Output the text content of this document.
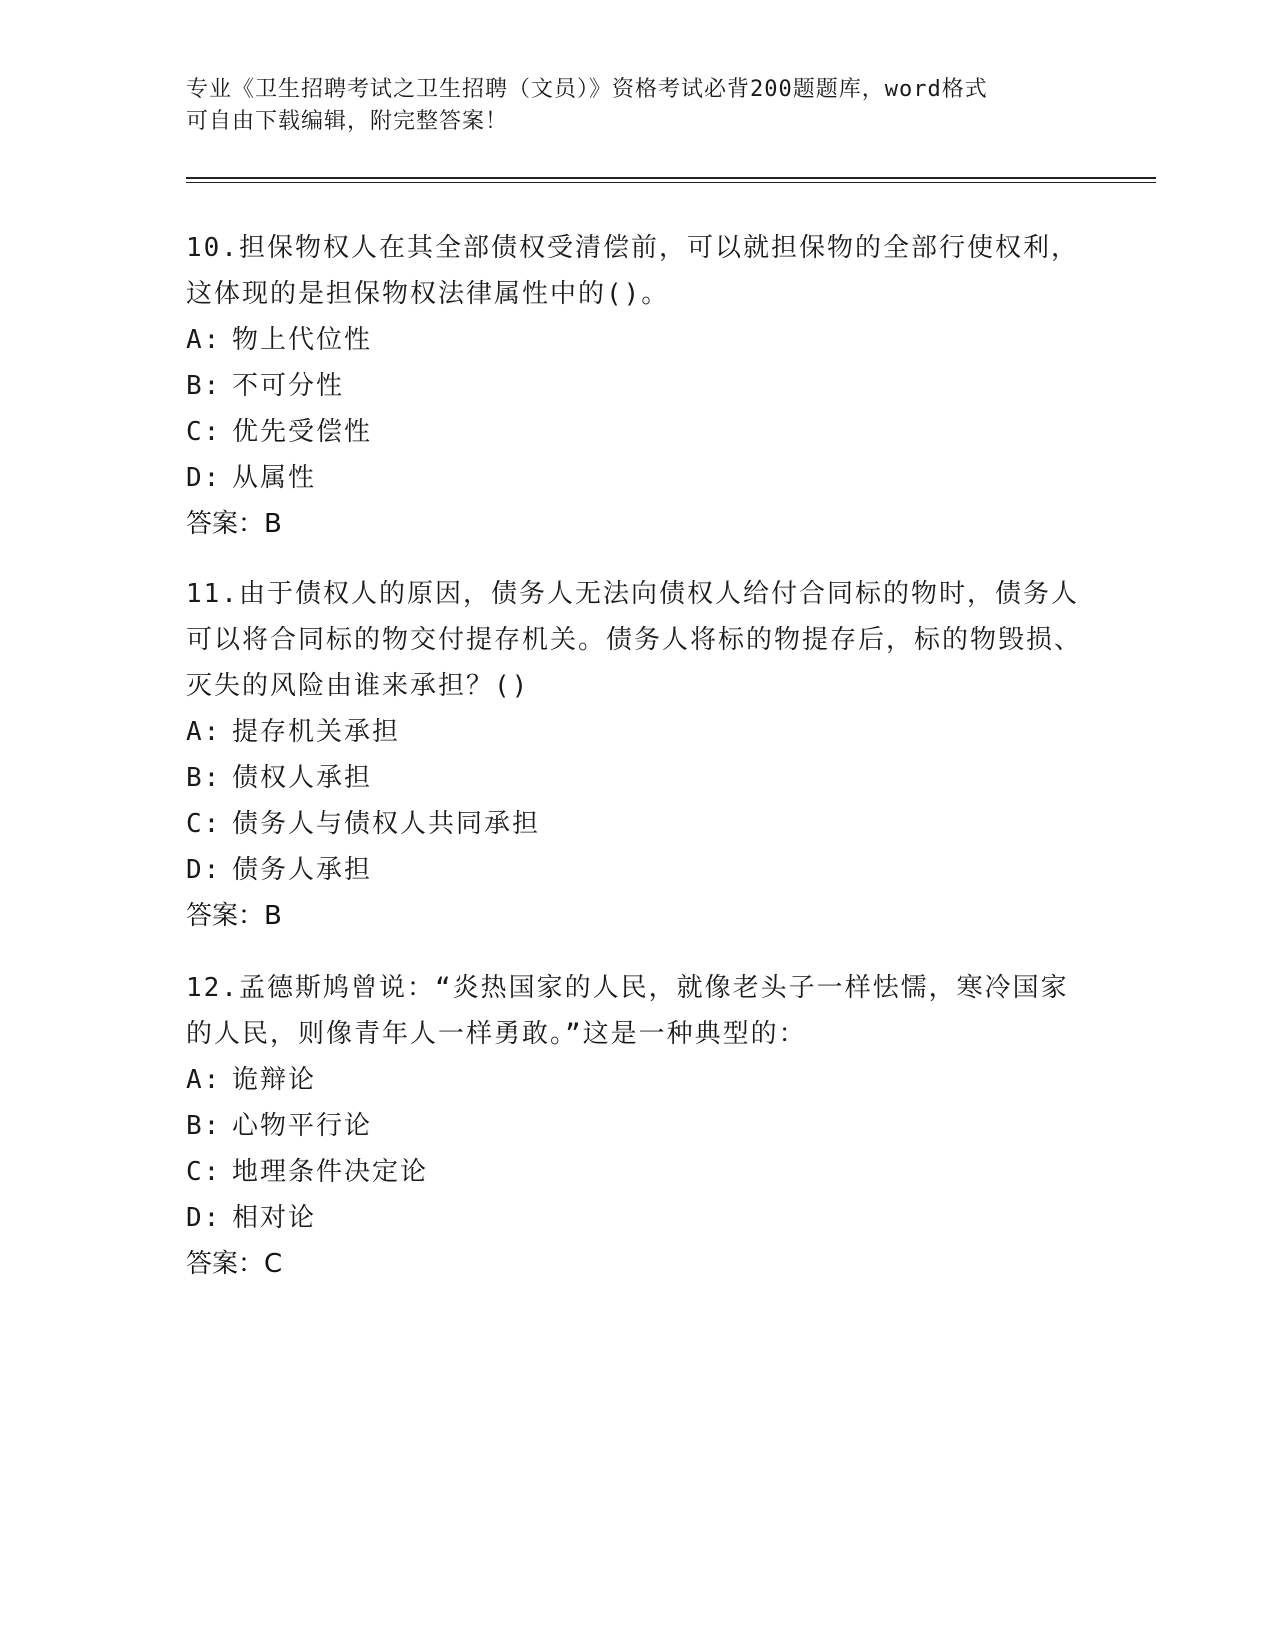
专业《卫生招聘考试之卫生招聘（文员）》资格考试必背200题题库，word格式
可自由下载编辑，附完整答案！

10.担保物权人在其全部债权受清偿前，可以就担保物的全部行使权利，这体现的是担保物权法律属性中的()。

A: 物上代位性

B: 不可分性

C: 优先受偿性

D: 从属性

答案：B

11.由于债权人的原因，债务人无法向债权人给付合同标的物时，债务人可以将合同标的物交付提存机关。债务人将标的物提存后，标的物毁损、灭失的风险由谁来承担？()

A: 提存机关承担

B: 债权人承担

C: 债务人与债权人共同承担

D: 债务人承担

答案：B

12.孟德斯鸠曾说：“炎热国家的人民，就像老头子一样怯懦，寒冷国家的人民，则像青年人一样勇敢。”这是一种典型的：

A: 诡辩论

B: 心物平行论

C: 地理条件决定论

D: 相对论

答案：C
